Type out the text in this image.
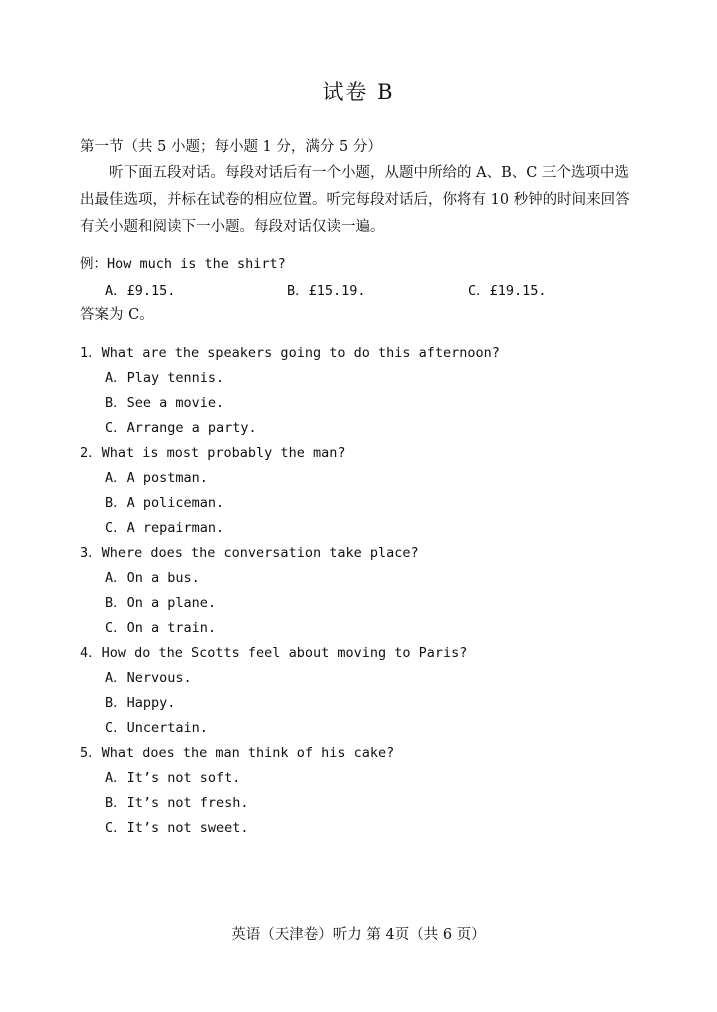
试卷 B
第一节（共 5 小题；每小题 1 分，满分 5 分）
听下面五段对话。每段对话后有一个小题，从题中所给的 A、B、C 三个选项中选出最佳选项，并标在试卷的相应位置。听完每段对话后，你将有 10 秒钟的时间来回答有关小题和阅读下一小题。每段对话仅读一遍。
例：How much is the shirt?
A．£9.15.	B．£15.19.	C．£19.15.
答案为 C。
1．What are the speakers going to do this afternoon?
A．Play tennis.
B．See a movie.
C．Arrange a party.
2．What is most probably the man?
A．A postman.
B．A policeman.
C．A repairman.
3．Where does the conversation take place?
A．On a bus.
B．On a plane.
C．On a train.
4．How do the Scotts feel about moving to Paris?
A．Nervous.
B．Happy.
C．Uncertain.
5．What does the man think of his cake?
A．It’s not soft.
B．It’s not fresh.
C．It’s not sweet.
英语（天津卷）听力 第 4页（共 6 页）
